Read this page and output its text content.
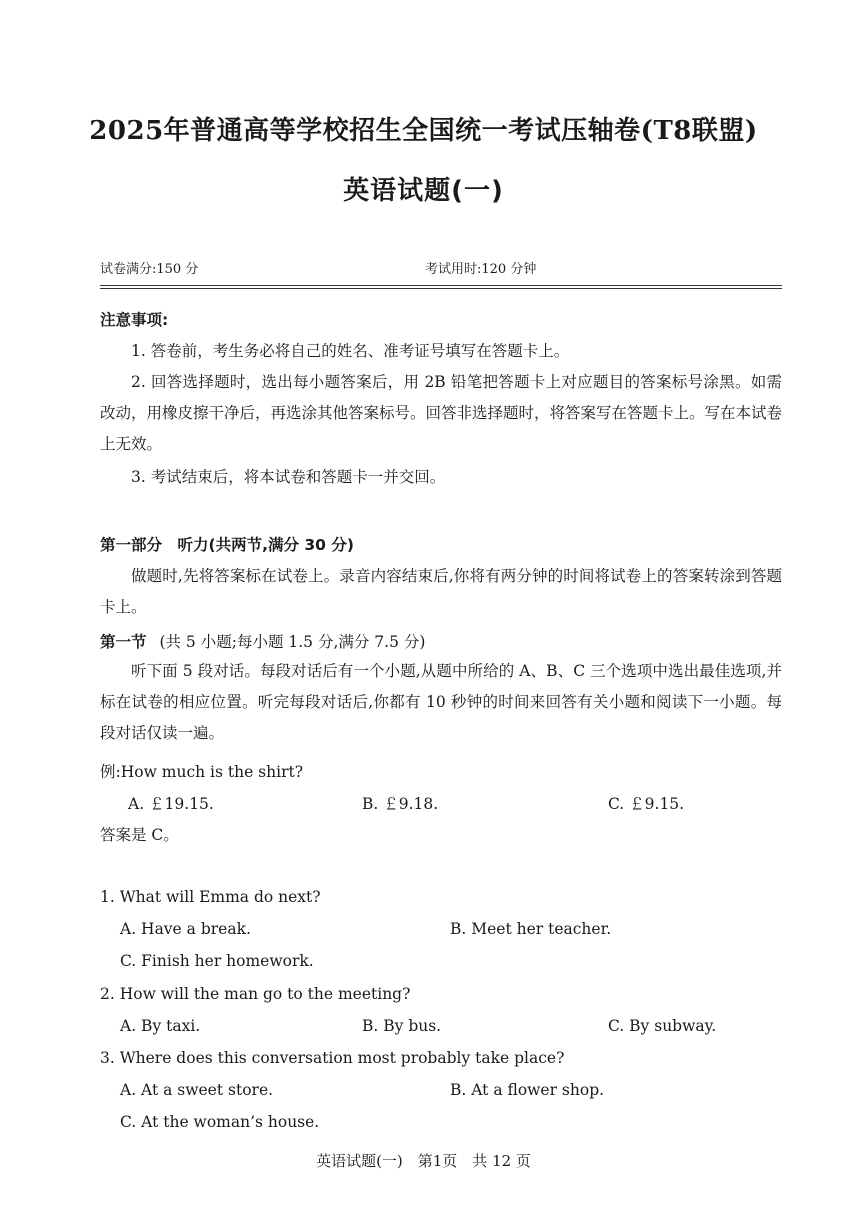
2025年普通高等学校招生全国统一考试压轴卷(T8联盟)
英语试题(一)
试卷满分:150 分	考试用时:120 分钟
注意事项:
1. 答卷前，考生务必将自己的姓名、准考证号填写在答题卡上。
2. 回答选择题时，选出每小题答案后，用 2B 铅笔把答题卡上对应题目的答案标号涂黑。如需改动，用橡皮擦干净后，再选涂其他答案标号。回答非选择题时，将答案写在答题卡上。写在本试卷上无效。
3. 考试结束后，将本试卷和答题卡一并交回。
第一部分　听力(共两节,满分 30 分)
做题时,先将答案标在试卷上。录音内容结束后,你将有两分钟的时间将试卷上的答案转涂到答题卡上。
第一节 (共 5 小题;每小题 1.5 分,满分 7.5 分)
听下面 5 段对话。每段对话后有一个小题,从题中所给的 A、B、C 三个选项中选出最佳选项,并标在试卷的相应位置。听完每段对话后,你都有 10 秒钟的时间来回答有关小题和阅读下一小题。每段对话仅读一遍。
例:How much is the shirt?
A. ￡19.15.	B. ￡9.18.	C. ￡9.15.
答案是 C。
1. What will Emma do next?
A. Have a break.	B. Meet her teacher.
C. Finish her homework.
2. How will the man go to the meeting?
A. By taxi.	B. By bus.	C. By subway.
3. Where does this conversation most probably take place?
A. At a sweet store.	B. At a flower shop.
C. At the woman’s house.
英语试题(一)　第1页　共 12 页
